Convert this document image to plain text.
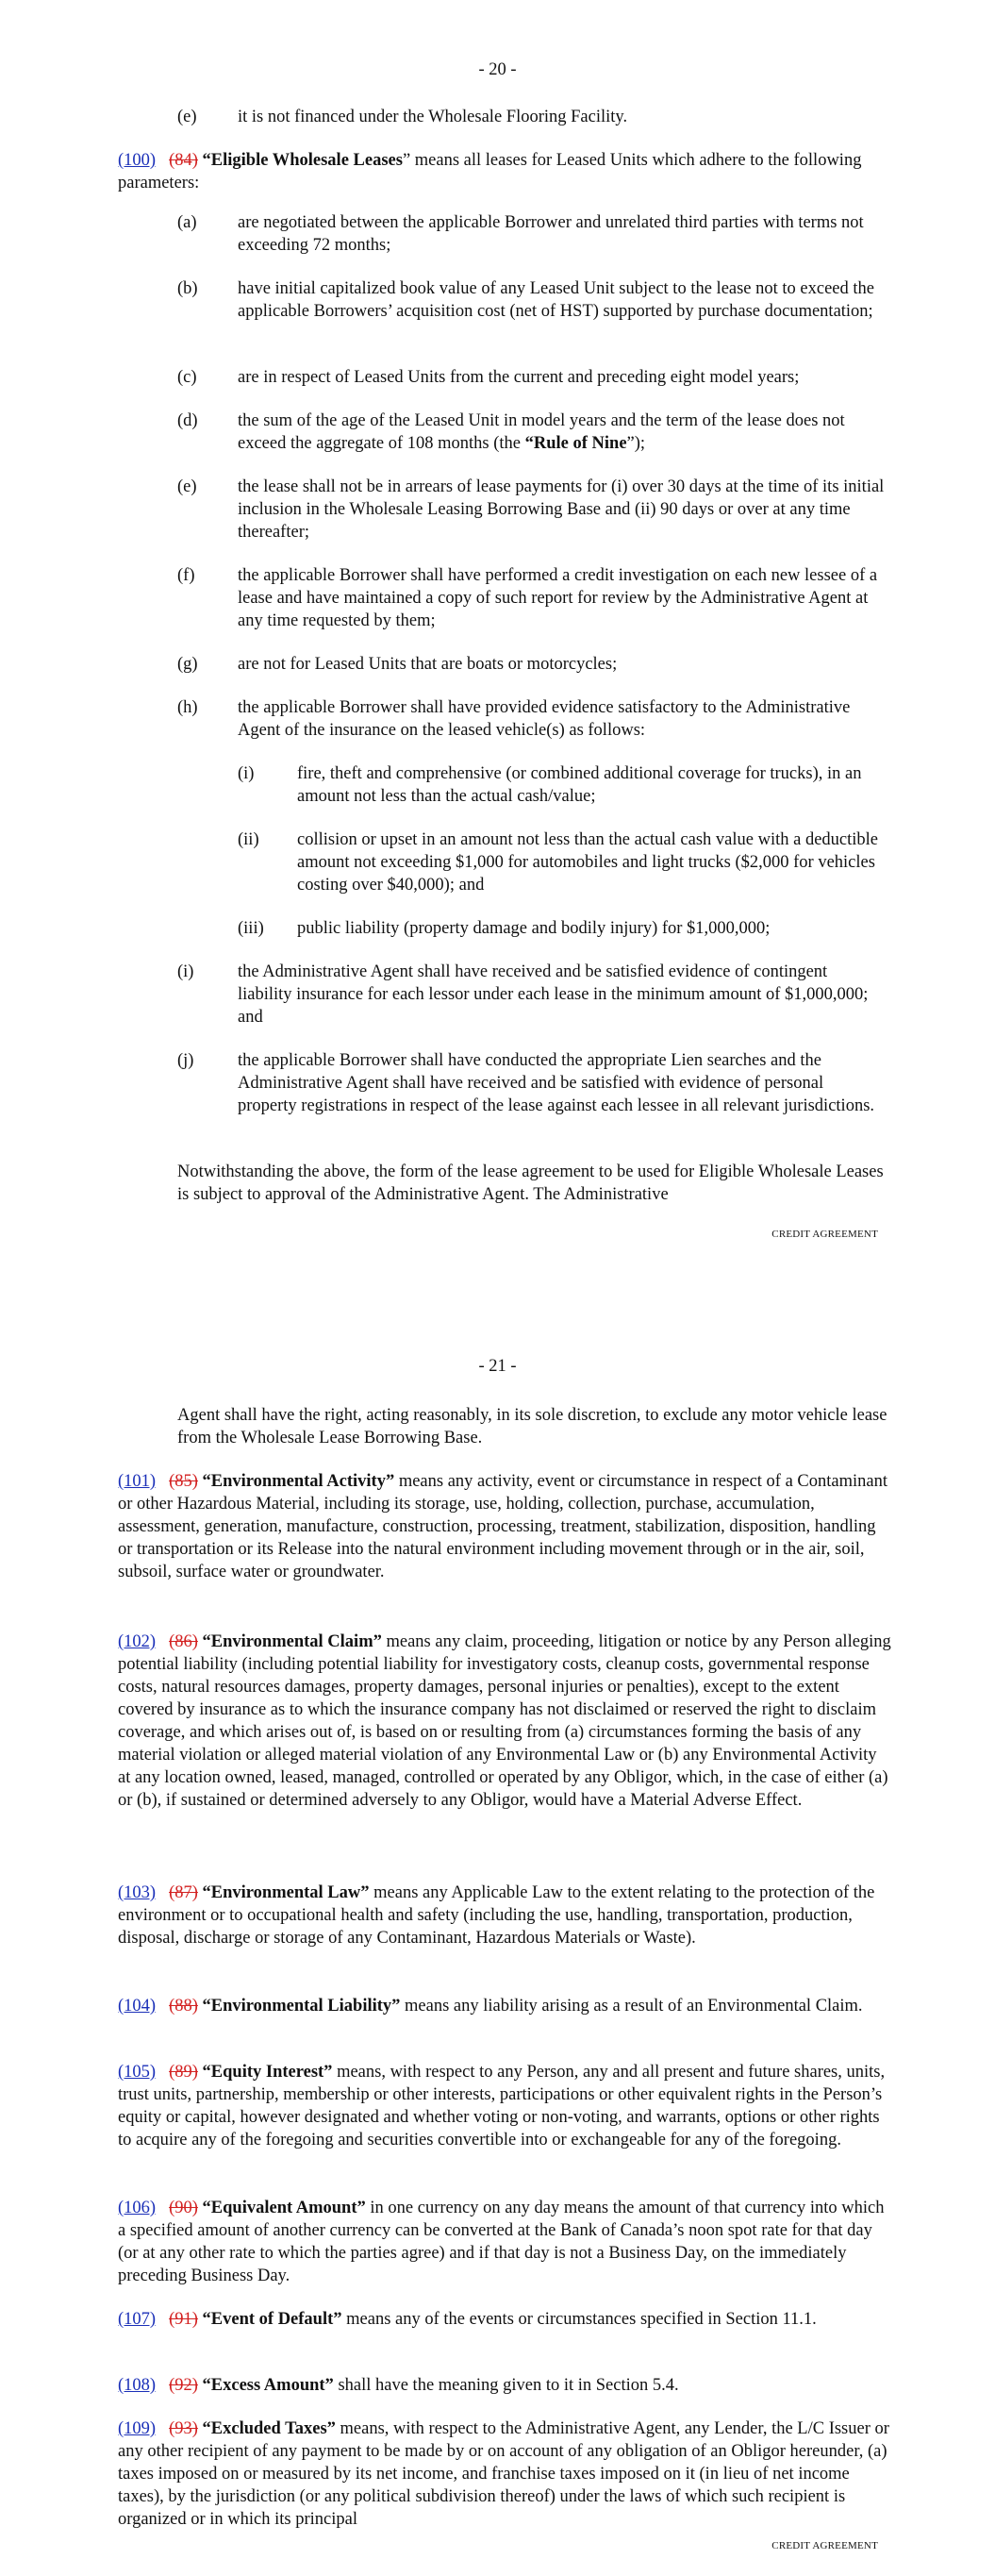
- 20 -
(e) it is not financed under the Wholesale Flooring Facility.
(100) (84) “Eligible Wholesale Leases” means all leases for Leased Units which adhere to the following parameters:
(a) are negotiated between the applicable Borrower and unrelated third parties with terms not exceeding 72 months;
(b) have initial capitalized book value of any Leased Unit subject to the lease not to exceed the applicable Borrowers’ acquisition cost (net of HST) supported by purchase documentation;
(c) are in respect of Leased Units from the current and preceding eight model years;
(d) the sum of the age of the Leased Unit in model years and the term of the lease does not exceed the aggregate of 108 months (the “Rule of Nine”);
(e) the lease shall not be in arrears of lease payments for (i) over 30 days at the time of its initial inclusion in the Wholesale Leasing Borrowing Base and (ii) 90 days or over at any time thereafter;
(f) the applicable Borrower shall have performed a credit investigation on each new lessee of a lease and have maintained a copy of such report for review by the Administrative Agent at any time requested by them;
(g) are not for Leased Units that are boats or motorcycles;
(h) the applicable Borrower shall have provided evidence satisfactory to the Administrative Agent of the insurance on the leased vehicle(s) as follows:
(i) fire, theft and comprehensive (or combined additional coverage for trucks), in an amount not less than the actual cash/value;
(ii) collision or upset in an amount not less than the actual cash value with a deductible amount not exceeding $1,000 for automobiles and light trucks ($2,000 for vehicles costing over $40,000); and
(iii) public liability (property damage and bodily injury) for $1,000,000;
(i)	the Administrative Agent shall have received and be satisfied evidence of contingent liability insurance for each lessor under each lease in the minimum amount of $1,000,000; and
(j)	the applicable Borrower shall have conducted the appropriate Lien searches and the Administrative Agent shall have received and be satisfied with evidence of personal property registrations in respect of the lease against each lessee in all relevant jurisdictions.
Notwithstanding the above, the form of the lease agreement to be used for Eligible Wholesale Leases is subject to approval of the Administrative Agent. The Administrative
CREDIT AGREEMENT
- 21 -
Agent shall have the right, acting reasonably, in its sole discretion, to exclude any motor vehicle lease from the Wholesale Lease Borrowing Base.
(101) (85) “Environmental Activity” means any activity, event or circumstance in respect of a Contaminant or other Hazardous Material, including its storage, use, holding, collection, purchase, accumulation, assessment, generation, manufacture, construction, processing, treatment, stabilization, disposition, handling or transportation or its Release into the natural environment including movement through or in the air, soil, subsoil, surface water or groundwater.
(102) (86) “Environmental Claim” means any claim, proceeding, litigation or notice by any Person alleging potential liability (including potential liability for investigatory costs, cleanup costs, governmental response costs, natural resources damages, property damages, personal injuries or penalties), except to the extent covered by insurance as to which the insurance company has not disclaimed or reserved the right to disclaim coverage, and which arises out of, is based on or resulting from (a) circumstances forming the basis of any material violation or alleged material violation of any Environmental Law or (b) any Environmental Activity at any location owned, leased, managed, controlled or operated by any Obligor, which, in the case of either (a) or (b), if sustained or determined adversely to any Obligor, would have a Material Adverse Effect.
(103) (87) “Environmental Law” means any Applicable Law to the extent relating to the protection of the environment or to occupational health and safety (including the use, handling, transportation, production, disposal, discharge or storage of any Contaminant, Hazardous Materials or Waste).
(104) (88) “Environmental Liability” means any liability arising as a result of an Environmental Claim.
(105) (89) “Equity Interest” means, with respect to any Person, any and all present and future shares, units, trust units, partnership, membership or other interests, participations or other equivalent rights in the Person’s equity or capital, however designated and whether voting or non-voting, and warrants, options or other rights to acquire any of the foregoing and securities convertible into or exchangeable for any of the foregoing.
(106) (90) “Equivalent Amount” in one currency on any day means the amount of that currency into which a specified amount of another currency can be converted at the Bank of Canada’s noon spot rate for that day (or at any other rate to which the parties agree) and if that day is not a Business Day, on the immediately preceding Business Day.
(107) (91) “Event of Default” means any of the events or circumstances specified in Section 11.1.
(108) (92) “Excess Amount” shall have the meaning given to it in Section 5.4.
(109) (93) “Excluded Taxes” means, with respect to the Administrative Agent, any Lender, the L/C Issuer or any other recipient of any payment to be made by or on account of any obligation of an Obligor hereunder, (a) taxes imposed on or measured by its net income, and franchise taxes imposed on it (in lieu of net income taxes), by the jurisdiction (or any political subdivision thereof) under the laws of which such recipient is organized or in which its principal
CREDIT AGREEMENT
